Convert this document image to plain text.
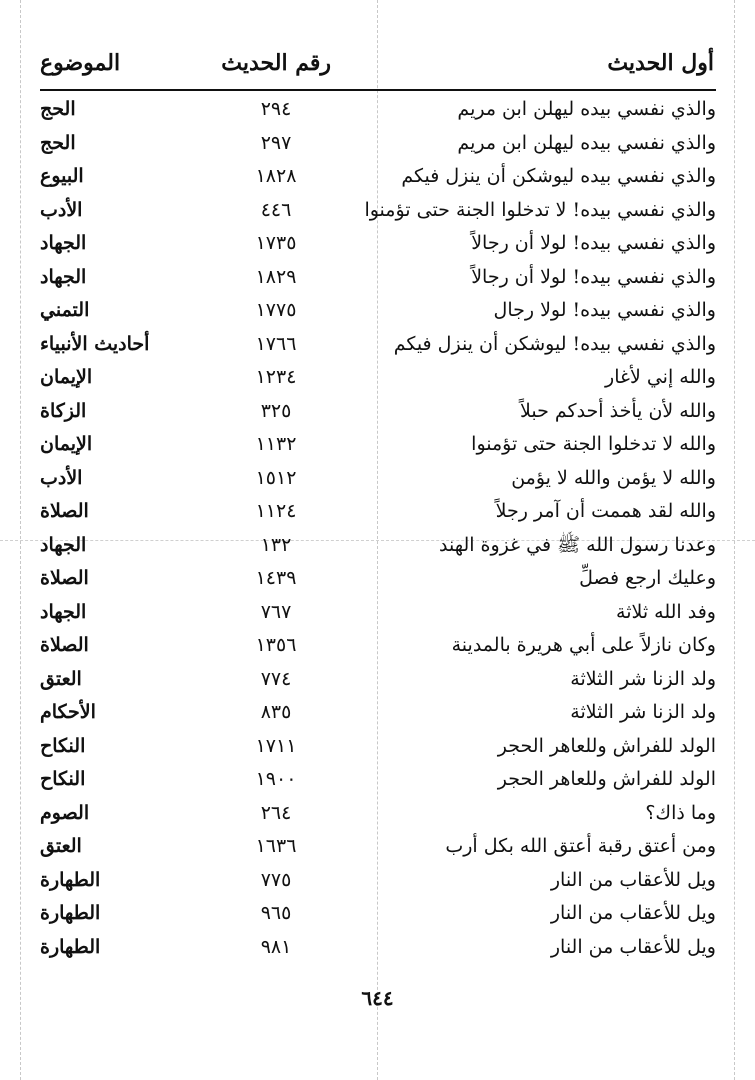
أول الحديث
رقم الحديث
الموضوع
والذي نفسي بيده ليهلن ابن مريم
٢٩٤
الحج
والذي نفسي بيده ليهلن ابن مريم
٢٩٧
الحج
والذي نفسي بيده ليوشكن أن ينزل فيكم
١٨٢٨
البيوع
والذي نفسي بيده! لا تدخلوا الجنة حتى تؤمنوا
٤٤٦
الأدب
والذي نفسي بيده! لولا أن رجالاً
١٧٣٥
الجهاد
والذي نفسي بيده! لولا أن رجالاً
١٨٢٩
الجهاد
والذي نفسي بيده! لولا رجال
١٧٧٥
التمني
والذي نفسي بيده! ليوشكن أن ينزل فيكم
١٧٦٦
أحاديث الأنبياء
والله إني لأغار
١٢٣٤
الإيمان
والله لأن يأخذ أحدكم حبلاً
٣٢٥
الزكاة
والله لا تدخلوا الجنة حتى تؤمنوا
١١٣٢
الإيمان
والله لا يؤمن والله لا يؤمن
١٥١٢
الأدب
والله لقد هممت أن آمر رجلاً
١١٢٤
الصلاة
وعدنا رسول الله ﷺ في غزوة الهند
١٣٢
الجهاد
وعليك ارجع فصلِّ
١٤٣٩
الصلاة
وفد الله ثلاثة
٧٦٧
الجهاد
وكان نازلاً على أبي هريرة بالمدينة
١٣٥٦
الصلاة
ولد الزنا شر الثلاثة
٧٧٤
العتق
ولد الزنا شر الثلاثة
٨٣٥
الأحكام
الولد للفراش وللعاهر الحجر
١٧١١
النكاح
الولد للفراش وللعاهر الحجر
١٩٠٠
النكاح
وما ذاك؟
٢٦٤
الصوم
ومن أعتق رقبة أعتق الله بكل أرب
١٦٣٦
العتق
ويل للأعقاب من النار
٧٧٥
الطهارة
ويل للأعقاب من النار
٩٦٥
الطهارة
ويل للأعقاب من النار
٩٨١
الطهارة
٦٤٤
